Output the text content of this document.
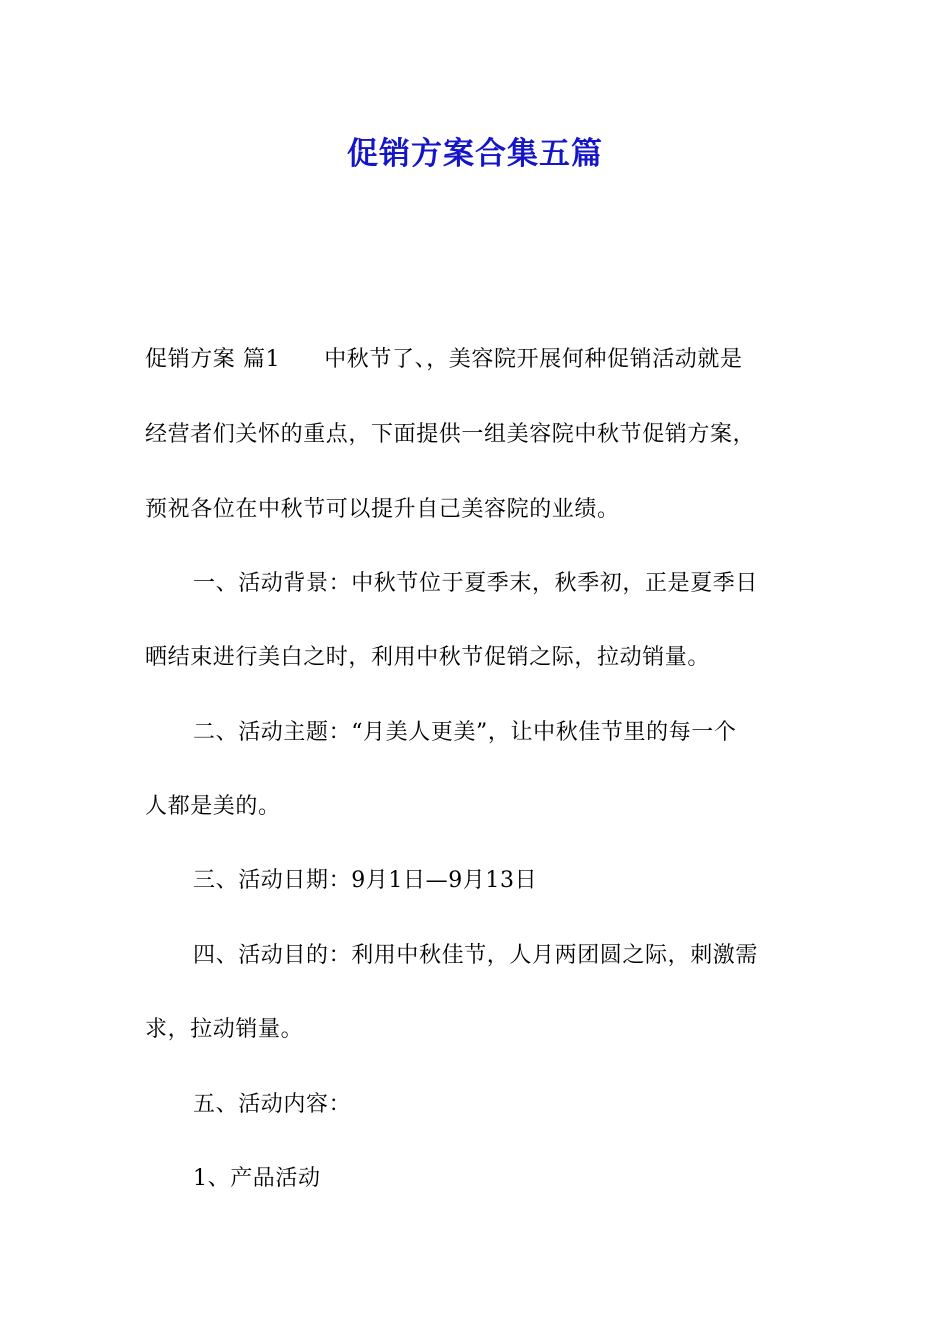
促销方案合集五篇

促销方案 篇1 中秋节了、，美容院开展何种促销活动就是

经营者们关怀的重点，下面提供一组美容院中秋节促销方案，

预祝各位在中秋节可以提升自己美容院的业绩。

一、活动背景：中秋节位于夏季末，秋季初，正是夏季日

晒结束进行美白之时，利用中秋节促销之际，拉动销量。

二、活动主题：“月美人更美”，让中秋佳节里的每一个

人都是美的。

三、活动日期：9月1日—9月13日

四、活动目的：利用中秋佳节，人月两团圆之际，刺激需

求，拉动销量。

五、活动内容：

1、产品活动
